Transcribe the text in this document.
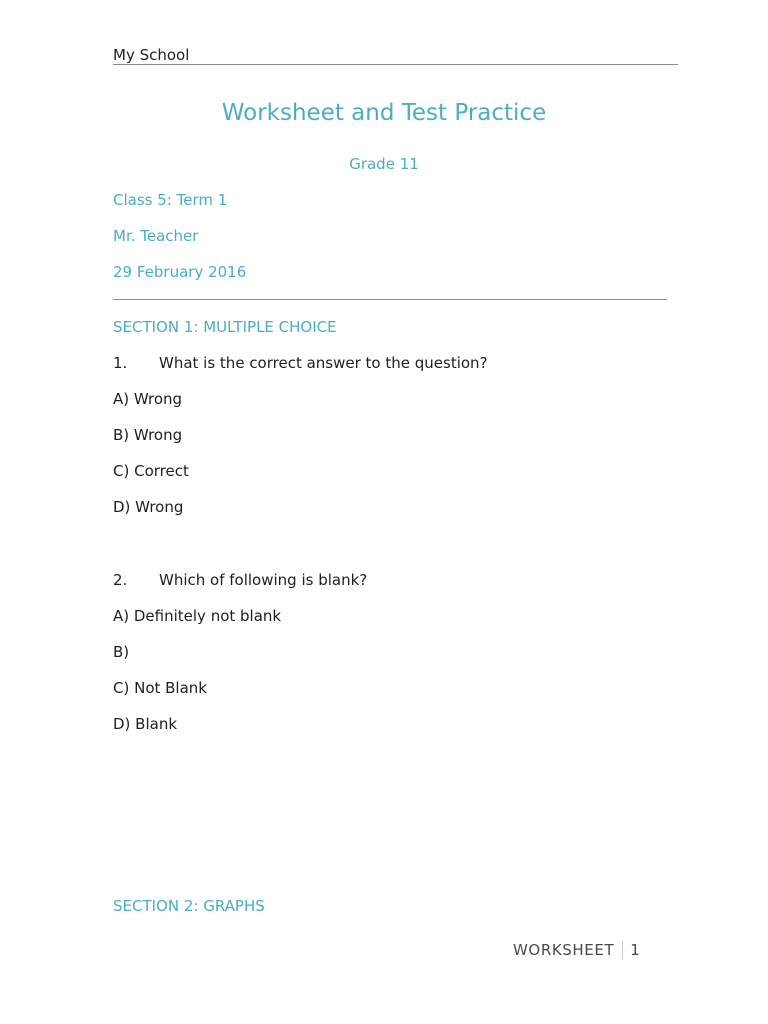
My School
Worksheet and Test Practice
Grade 11
Class 5: Term 1
Mr. Teacher
29 February 2016
SECTION 1: MULTIPLE CHOICE
1. What is the correct answer to the question?
A) Wrong
B) Wrong
C) Correct
D) Wrong
2. Which of following is blank?
A) Definitely not blank
B)
C) Not Blank
D) Blank
SECTION 2: GRAPHS
WORKSHEET 1
